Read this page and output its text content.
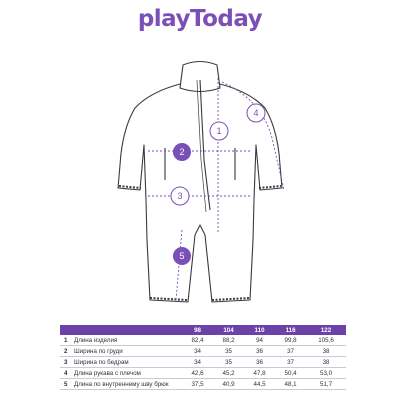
playToday
1
2
3
4
5
		98	104	110	116	122
1	Длина изделия	82,4	88,2	94	99,8	105,6
2	Ширина по груди	34	35	36	37	38
3	Ширина по бедрам	34	35	36	37	38
4	Длина рукава с плечом	42,6	45,2	47,8	50,4	53,0
5	Длина по внутреннему шву брюк	37,5	40,9	44,5	48,1	51,7
